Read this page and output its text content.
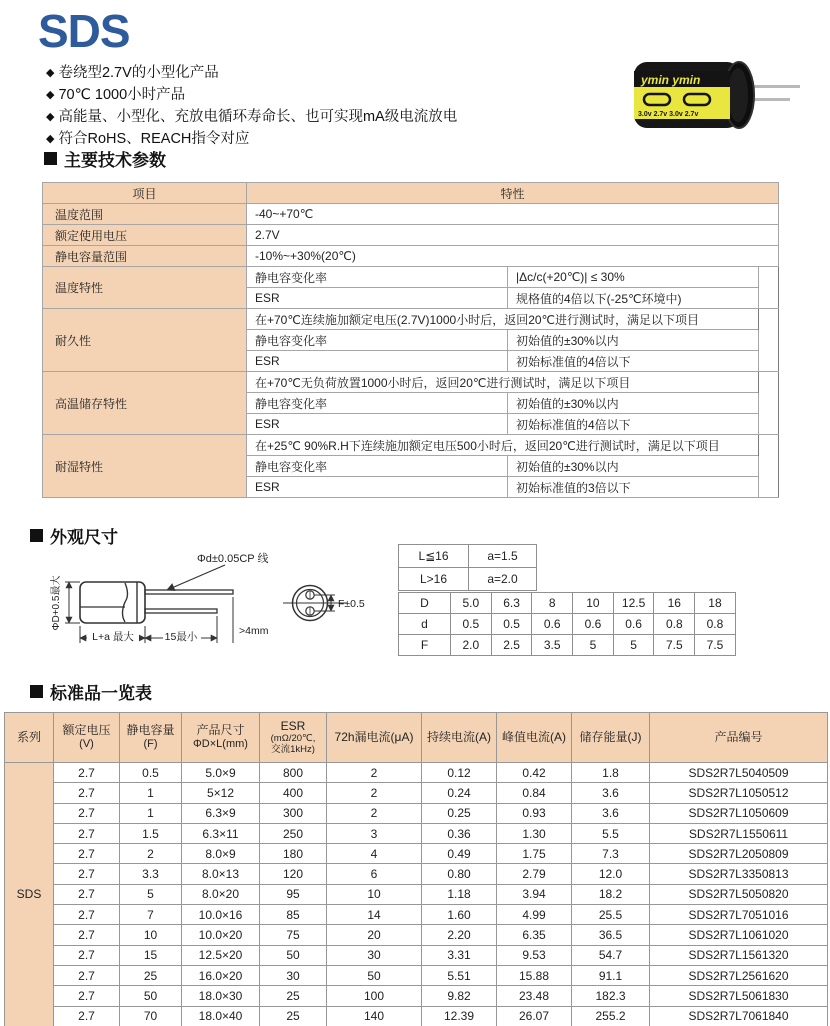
SDS
◆ 卷绕型2.7V的小型化产品
◆ 70℃ 1000小时产品
◆ 高能量、小型化、充放电循环寿命长、也可实现mA级电流放电
◆ 符合RoHS、REACH指令对应
ymin ymin
3.0v 2.7v 3.0v 2.7v
主要技术参数
外观尺寸
标准品一览表
项目	特性		
温度范围	-40~+70℃		
额定使用电压	2.7V		
静电容量范围	-10%~+30%(20℃)		
温度特性	静电容变化率	|Δc/c(+20℃)| ≤ 30%	
	ESR	规格值的4倍以下(-25℃环境中)	
耐久性	在+70℃连续施加额定电压(2.7V)1000小时后，返回20℃进行测试时，满足以下项目		
	静电容变化率	初始值的±30%以内	
	ESR	初始标准值的4倍以下	
高温储存特性	在+70℃无负荷放置1000小时后，返回20℃进行测试时，满足以下项目		
	静电容变化率	初始值的±30%以内	
	ESR	初始标准值的4倍以下	
耐湿特性	在+25℃ 90%R.H下连续施加额定电压500小时后，返回20℃进行测试时，满足以下项目		
	静电容变化率	初始值的±30%以内	
	ESR	初始标准值的3倍以下	
Φd±0.05CP 线
ΦD+0.5最大
L+a 最大	15最小	>4mm
F±0.5
L≦16	a=1.5
L>16	a=2.0
D	5.0	6.3	8	10	12.5	16	18
d	0.5	0.5	0.6	0.6	0.6	0.8	0.8
F	2.0	2.5	3.5	5	5	7.5	7.5
系列	额定电压
(V)

静电容量
(F)

产品尺寸
ΦD×L(mm)

ESR
(mΩ/20℃,
交流1kHz)

72h漏电流(μA)	持续电流(A)	峰值电流(A)	储存能量(J)	产品编号

SDS	2.7	0.5	5.0×9	800	2	0.12	0.42	1.8	SDS2R7L5040509
	2.7	1	5×12	400	2	0.24	0.84	3.6	SDS2R7L1050512
	2.7	1	6.3×9	300	2	0.25	0.93	3.6	SDS2R7L1050609
	2.7	1.5	6.3×11	250	3	0.36	1.30	5.5	SDS2R7L1550611
	2.7	2	8.0×9	180	4	0.49	1.75	7.3	SDS2R7L2050809
	2.7	3.3	8.0×13	120	6	0.80	2.79	12.0	SDS2R7L3350813
	2.7	5	8.0×20	95	10	1.18	3.94	18.2	SDS2R7L5050820
	2.7	7	10.0×16	85	14	1.60	4.99	25.5	SDS2R7L7051016
	2.7	10	10.0×20	75	20	2.20	6.35	36.5	SDS2R7L1061020
	2.7	15	12.5×20	50	30	3.31	9.53	54.7	SDS2R7L1561320
	2.7	25	16.0×20	30	50	5.51	15.88	91.1	SDS2R7L2561620
	2.7	50	18.0×30	25	100	9.82	23.48	182.3	SDS2R7L5061830
	2.7	70	18.0×40	25	140	12.39	26.07	255.2	SDS2R7L7061840
